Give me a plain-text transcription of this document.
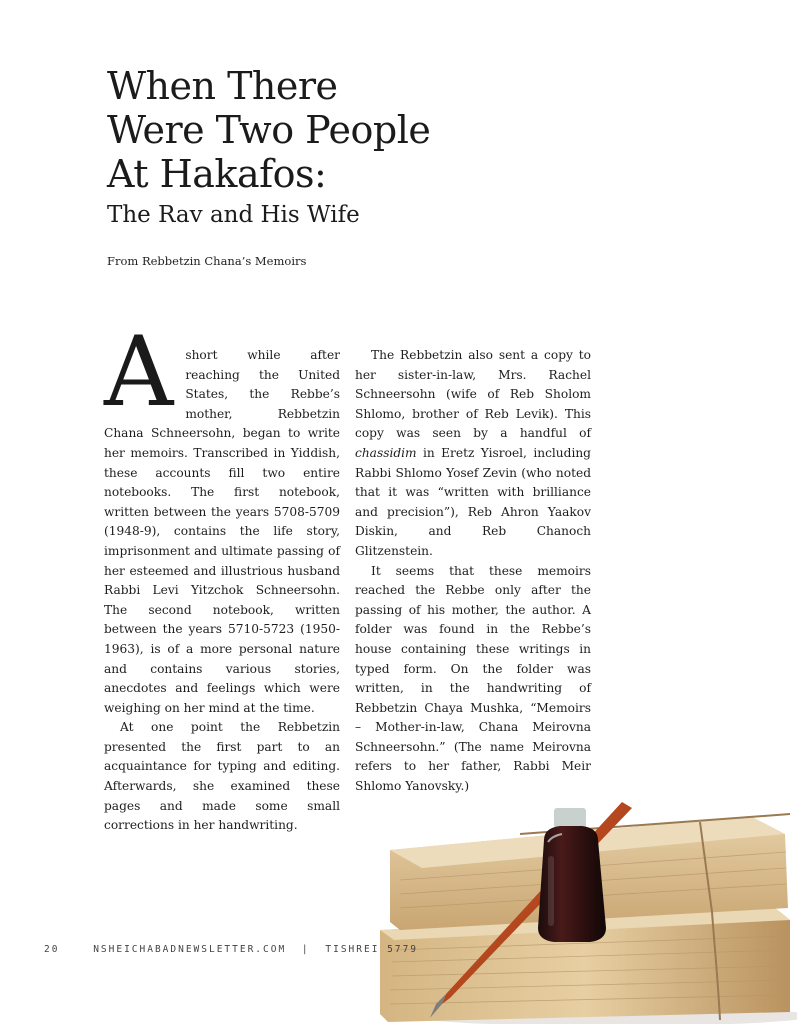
When There
Were Two People
At Hakafos:
The Rav and His Wife

From Rebbetzin Chana’s Memoirs

Ashort while after reaching the United States, the Rebbe’s mother, Rebbetzin Chana Schneersohn, began to write her memoirs. Transcribed in Yiddish, these accounts fill two entire notebooks. The first notebook, written between the years 5708-5709 (1948-9), contains the life story, imprisonment and ultimate passing of her esteemed and illustrious husband Rabbi Levi Yitzchok Schneersohn. The second notebook, written between the years 5710-5723 (1950-1963), is of a more personal nature and contains various stories, anecdotes and feelings which were weighing on her mind at the time.

At one point the Rebbetzin presented the first part to an acquaintance for typing and editing. Afterwards, she examined these pages and made some small corrections in her handwriting.

The Rebbetzin also sent a copy to her sister-in-law, Mrs. Rachel Schneersohn (wife of Reb Sholom Shlomo, brother of Reb Levik). This copy was seen by a handful of chassidim in Eretz Yisroel, including Rabbi Shlomo Yosef Zevin (who noted that it was “written with brilliance and precision”), Reb Ahron Yaakov Diskin, and Reb Chanoch Glitzenstein.

It seems that these memoirs reached the Rebbe only after the passing of his mother, the author. A folder was found in the Rebbe’s house containing these writings in typed form. On the folder was written, in the handwriting of Rebbetzin Chaya Mushka, “Memoirs – Mother-in-law, Chana Meirovna Schneersohn.” (The name Meirovna refers to her father, Rabbi Meir Shlomo Yanovsky.)

20	NSHEICHABADNEWSLETTER.COM | TISHREI 5779
